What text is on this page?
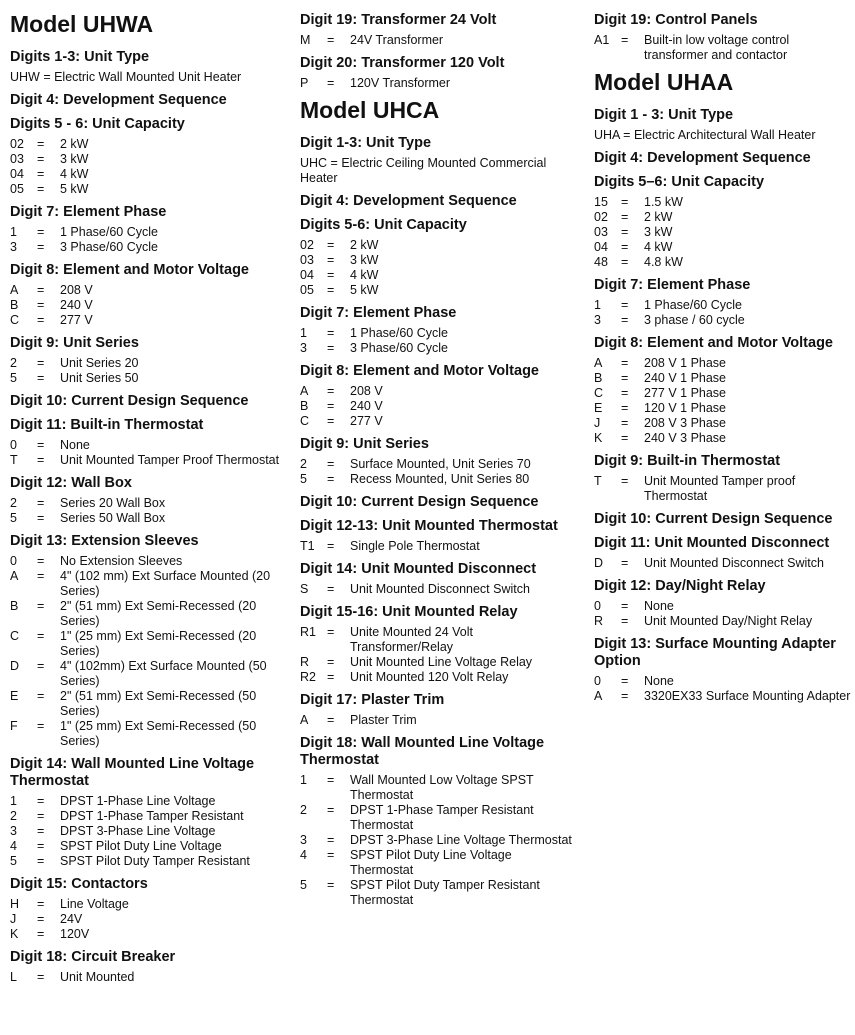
Model UHWA
Digits 1-3: Unit Type

UHW = Electric Wall Mounted Unit Heater

Digit 4: Development Sequence
Digits 5 - 6: Unit Capacity
02	=	2 kW
03	=	3 kW
04	=	4 kW
05	=	5 kW
Digit 7: Element Phase
1	=	1 Phase/60 Cycle
3	=	3 Phase/60 Cycle
Digit 8: Element and Motor Voltage
A	=	208 V
B	=	240 V
C	=	277 V
Digit 9: Unit Series
2	=	Unit Series 20
5	=	Unit Series 50
Digit 10: Current Design Sequence
Digit 11: Built-in Thermostat
0	=	None
T	=	Unit Mounted Tamper Proof Thermostat
Digit 12: Wall Box
2	=	Series 20 Wall Box
5	=	Series 50 Wall Box
Digit 13: Extension Sleeves
0	=	No Extension Sleeves
A	=	4" (102 mm) Ext Surface Mounted (20 Series)
B	=	2" (51 mm) Ext Semi-Recessed (20 Series)
C	=	1" (25 mm) Ext Semi-Recessed (20 Series)
D	=	4" (102mm) Ext Surface Mounted (50 Series)
E	=	2" (51 mm) Ext Semi-Recessed (50 Series)
F	=	1" (25 mm) Ext Semi-Recessed (50 Series)
Digit 14: Wall Mounted Line Voltage Thermostat
1	=	DPST 1-Phase Line Voltage
2	=	DPST 1-Phase Tamper Resistant
3	=	DPST 3-Phase Line Voltage
4	=	SPST Pilot Duty Line Voltage
5	=	SPST Pilot Duty Tamper Resistant
Digit 15: Contactors
H	=	Line Voltage
J	=	24V
K	=	120V
Digit 18: Circuit Breaker
L	=	Unit Mounted
Digit 19: Transformer 24 Volt
M	=	24V Transformer
Digit 20: Transformer 120 Volt
P	=	120V Transformer
Model UHCA
Digit 1-3: Unit Type

UHC = Electric Ceiling Mounted Commercial Heater

Digit 4: Development Sequence
Digits 5-6: Unit Capacity
02	=	2 kW
03	=	3 kW
04	=	4 kW
05	=	5 kW
Digit 7: Element Phase
1	=	1 Phase/60 Cycle
3	=	3 Phase/60 Cycle
Digit 8: Element and Motor Voltage
A	=	208 V
B	=	240 V
C	=	277 V
Digit 9: Unit Series
2	=	Surface Mounted, Unit Series 70
5	=	Recess Mounted, Unit Series 80
Digit 10: Current Design Sequence
Digit 12-13: Unit Mounted Thermostat
T1 =	Single Pole Thermostat
Digit 14: Unit Mounted Disconnect
S	=	Unit Mounted Disconnect Switch
Digit 15-16: Unit Mounted Relay
R1 =	Unite Mounted 24 Volt Transformer/Relay
R	=	Unit Mounted Line Voltage Relay
R2 =	Unit Mounted 120 Volt Relay
Digit 17: Plaster Trim
A	=	Plaster Trim
Digit 18: Wall Mounted Line Voltage Thermostat
1	=	Wall Mounted Low Voltage SPST Thermostat
2	=	DPST 1-Phase Tamper Resistant Thermostat
3	=	DPST 3-Phase Line Voltage Thermostat
4	=	SPST Pilot Duty Line Voltage Thermostat
5	=	SPST Pilot Duty Tamper Resistant Thermostat
Digit 19: Control Panels
A1 =	Built-in low voltage control transformer and contactor
Model UHAA
Digit 1 - 3: Unit Type

UHA = Electric Architectural Wall Heater

Digit 4: Development Sequence
Digits 5–6: Unit Capacity
15	=	1.5 kW
02	=	2 kW
03	=	3 kW
04	=	4 kW
48	=	4.8 kW
Digit 7: Element Phase
1	=	1 Phase/60 Cycle
3	=	3 phase / 60 cycle
Digit 8: Element and Motor Voltage
A	=	208 V 1 Phase
B	=	240 V 1 Phase
C	=	277 V 1 Phase
E	=	120 V 1 Phase
J	=	208 V 3 Phase
K	=	240 V 3 Phase
Digit 9: Built-in Thermostat
T	=	Unit Mounted Tamper proof Thermostat
Digit 10: Current Design Sequence
Digit 11: Unit Mounted Disconnect
D	=	Unit Mounted Disconnect Switch
Digit 12: Day/Night Relay
0	=	None
R	=	Unit Mounted Day/Night Relay
Digit 13: Surface Mounting Adapter Option
0	=	None
A	=	3320EX33 Surface Mounting Adapter
